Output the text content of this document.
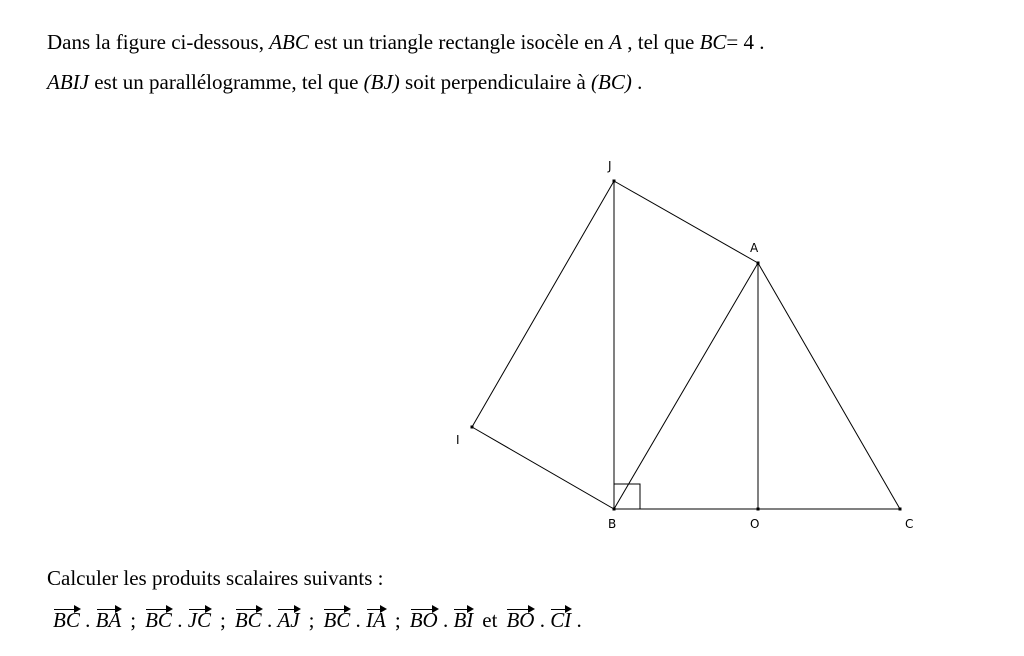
Dans la figure ci-dessous, ABC est un triangle rectangle isocèle en A , tel que BC= 4 .
ABIJ est un parallélogramme, tel que (BJ) soit perpendiculaire à (BC) .
J
A
I
B	O	C
Calculer les produits scalaires suivants :
BC . BA ; BC . JC ; BC . AJ ; BC . IA ; BO . BI et BO . CI .
